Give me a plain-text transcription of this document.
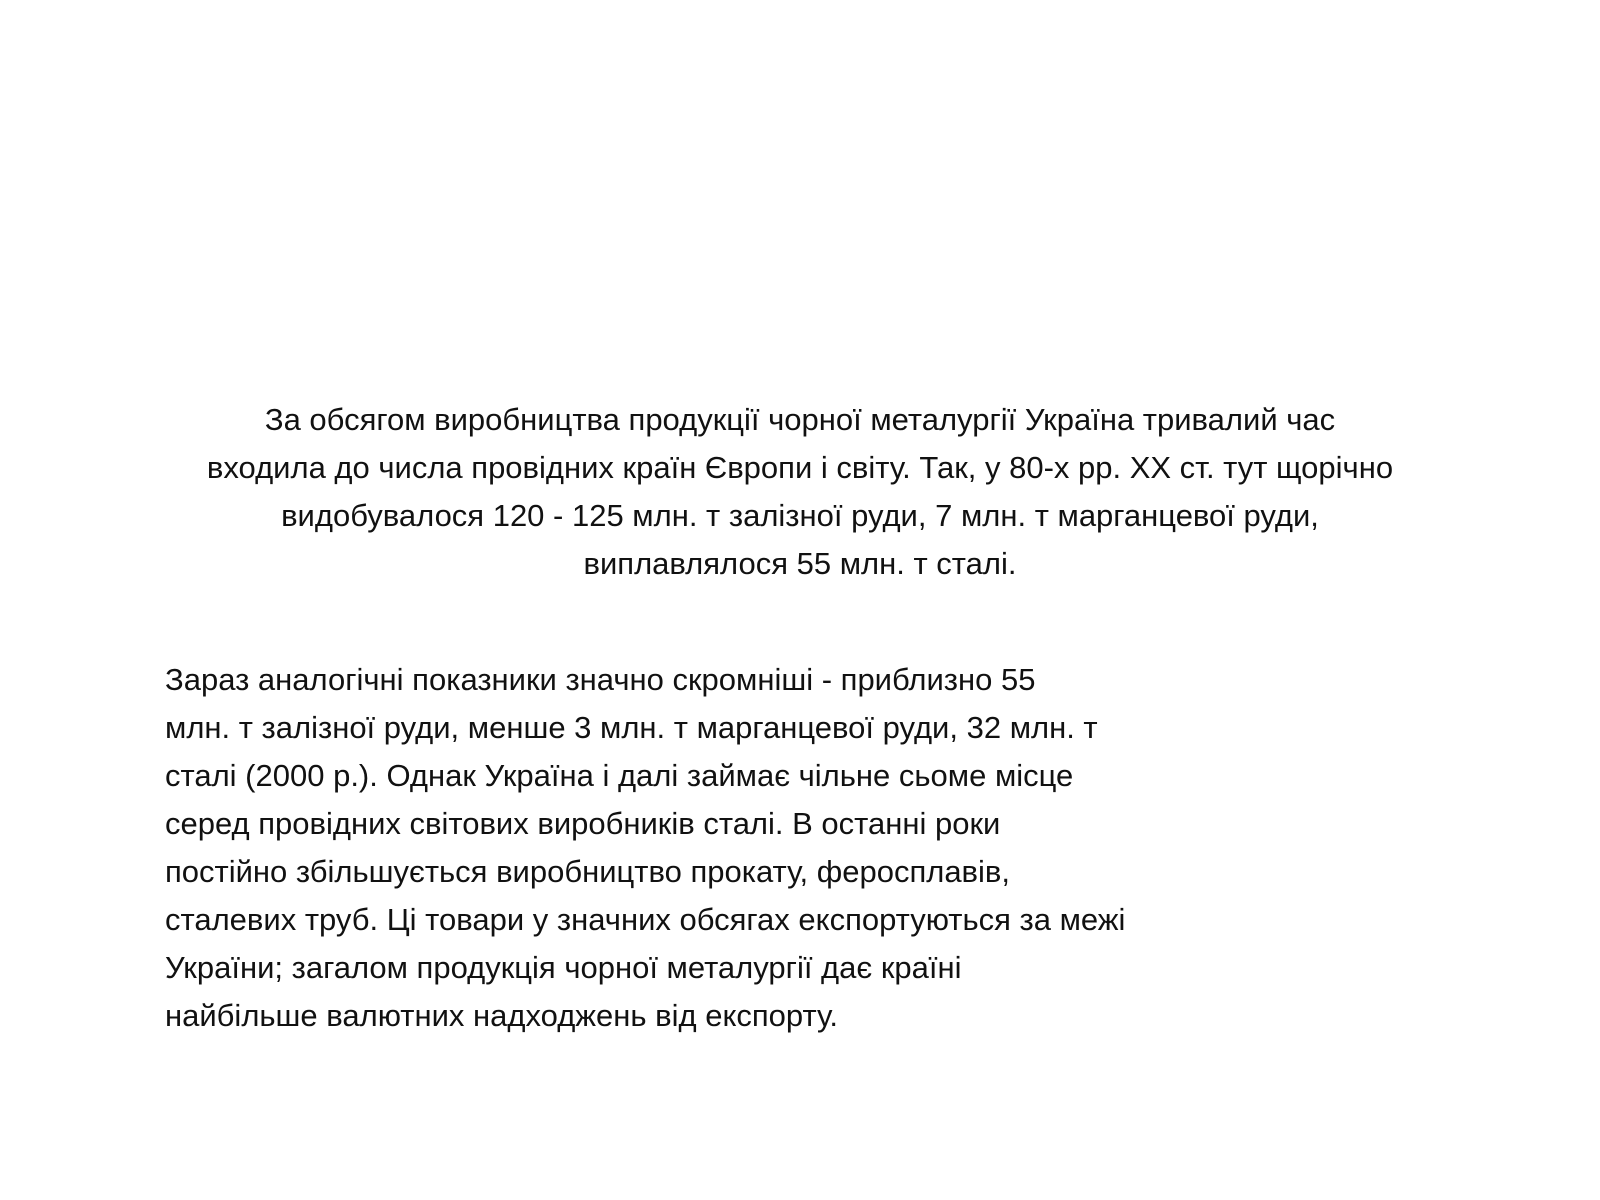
За обсягом виробництва продукції чорної металургії Україна тривалий час
входила до числа провідних країн Європи і світу. Так, у 80-х рр. XX ст. тут щорічно
видобувалося 120 - 125 млн. т залізної руди, 7 млн. т марганцевої руди,
виплавлялося 55 млн. т сталі.

Зараз аналогічні показники значно скромніші - приблизно 55
млн. т залізної руди, менше 3 млн. т марганцевої руди, 32 млн. т
сталі (2000 р.). Однак Україна і далі займає чільне сьоме місце
серед провідних світових виробників сталі. В останні роки
постійно збільшується виробництво прокату, феросплавів,
сталевих труб. Ці товари у значних обсягах експортуються за межі
України; загалом продукція чорної металургії дає країні
найбільше валютних надходжень від експорту.
